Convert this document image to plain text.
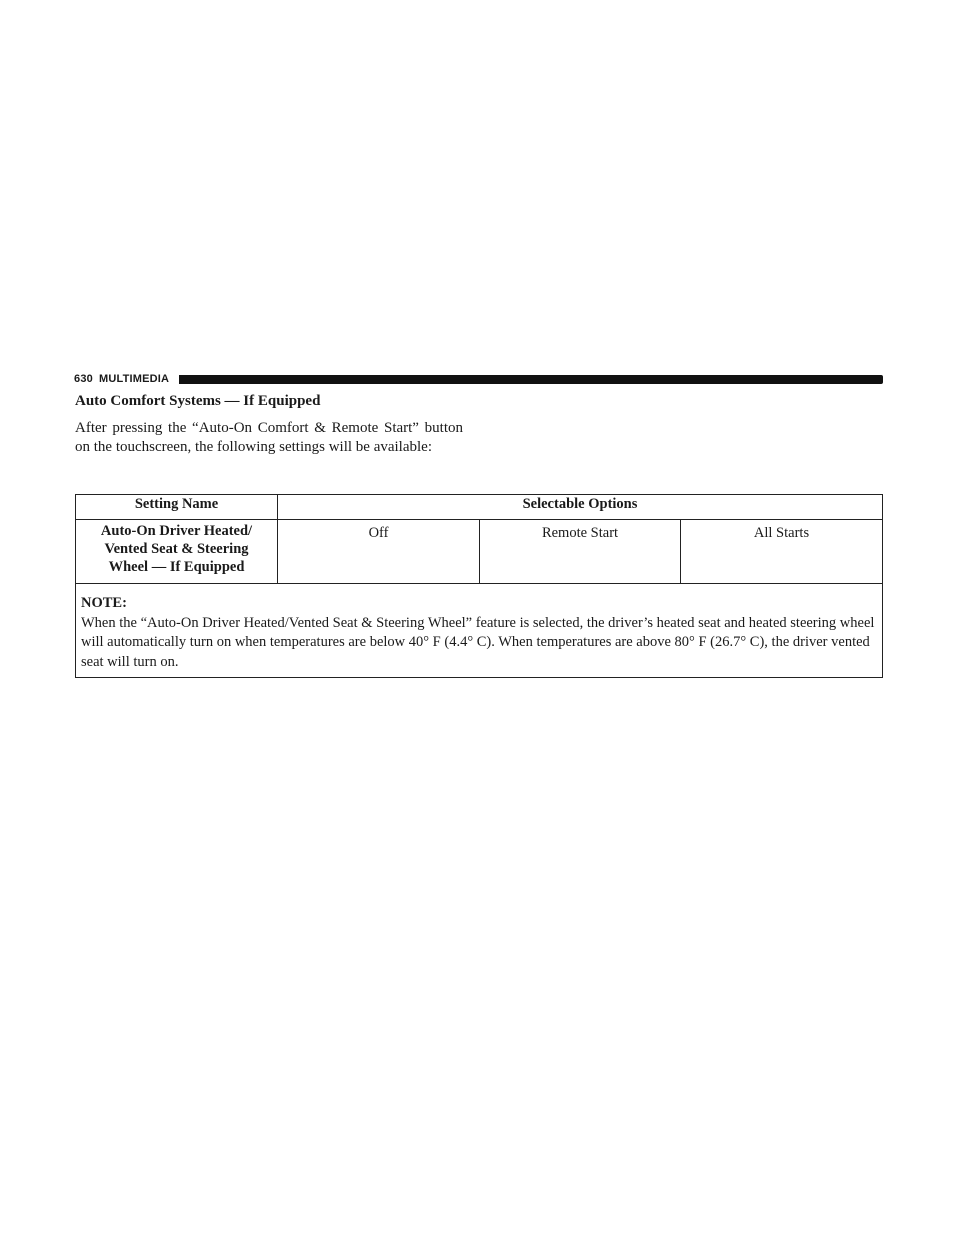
630 MULTIMEDIA
Auto Comfort Systems — If Equipped
After pressing the “Auto-On Comfort & Remote Start” button on the touchscreen, the following settings will be available:
Setting Name	Selectable Options		

Auto-On Driver Heated/
Vented Seat & Steering
Wheel — If Equipped	Off	Remote Start	All Starts

NOTE:
When the “Auto-On Driver Heated/Vented Seat & Steering Wheel” feature is selected, the driver’s heated seat and heated steering wheel will automatically turn on when temperatures are below 40° F (4.4° C). When temperatures are above 80° F (26.7° C), the driver vented seat will turn on.			
